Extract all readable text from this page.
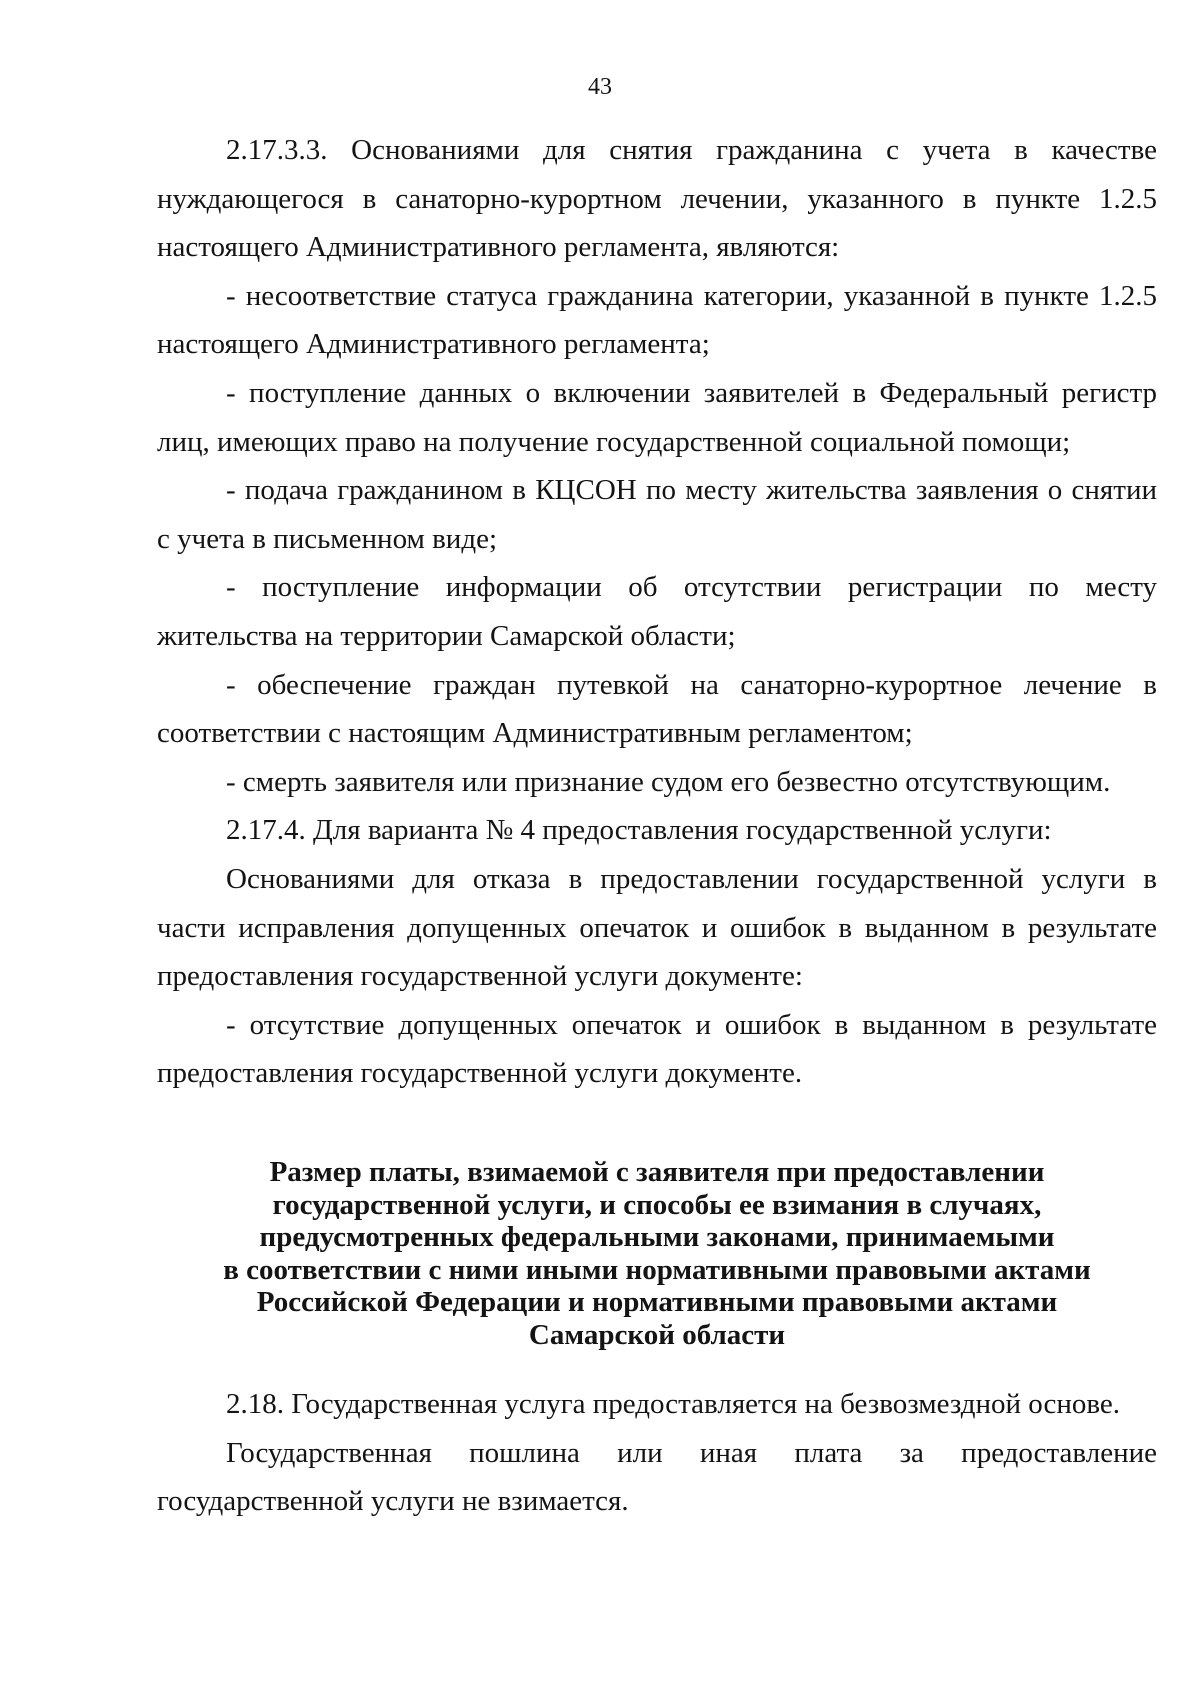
43

2.17.3.3. Основаниями для снятия гражданина с учета в качестве нуждающегося в санаторно-курортном лечении, указанного в пункте 1.2.5 настоящего Административного регламента, являются:

- несоответствие статуса гражданина категории, указанной в пункте 1.2.5 настоящего Административного регламента;

- поступление данных о включении заявителей в Федеральный регистр лиц, имеющих право на получение государственной социальной помощи;

- подача гражданином в КЦСОН по месту жительства заявления о снятии с учета в письменном виде;

- поступление информации об отсутствии регистрации по месту жительства на территории Самарской области;

- обеспечение граждан путевкой на санаторно-курортное лечение в соответствии с настоящим Административным регламентом;

- смерть заявителя или признание судом его безвестно отсутствующим.

2.17.4. Для варианта № 4 предоставления государственной услуги:

Основаниями для отказа в предоставлении государственной услуги в части исправления допущенных опечаток и ошибок в выданном в результате предоставления государственной услуги документе:

- отсутствие допущенных опечаток и ошибок в выданном в результате предоставления государственной услуги документе.

Размер платы, взимаемой с заявителя при предоставлении
государственной услуги, и способы ее взимания в случаях,
предусмотренных федеральными законами, принимаемыми
в соответствии с ними иными нормативными правовыми актами
Российской Федерации и нормативными правовыми актами
Самарской области

2.18. Государственная услуга предоставляется на безвозмездной основе.

Государственная пошлина или иная плата за предоставление государственной услуги не взимается.
